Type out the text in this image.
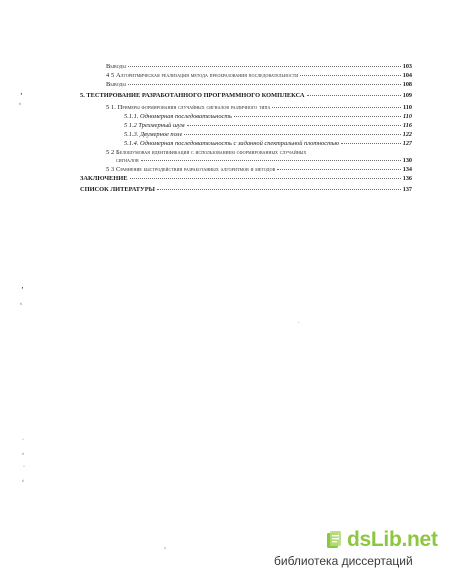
Выводы	103
4 5 Алгоритмическая реализация метода преобразования последовательности	104
Выводы	108
5. ТЕСТИРОВАНИЕ РАЗРАБОТАННОГО ПРОГРАММНОГО КОМПЛЕКСА	109
5 1. Примеры формирования случайных сигналов различного типа	110
5.1.1. Одномерная последовательность	110
5 1.2 Трехмерный шум	116
5.1.3. Двумерное поле	122
5.1.4. Одномерная последовательность с заданной спектральной плотностью	127
5 2 Белошумовая идентификация с использованием сформированных случайных
сигналов	130
5 3 Сравнение быстродействия разработанных алгоритмов и методов	134
ЗАКЛЮЧЕНИЕ	136
СПИСОК ЛИТЕРАТУРЫ	137
‚
‹
‚
‹
·
‹
·
‹
·
‚	dsLib.net
библиотека диссертаций
